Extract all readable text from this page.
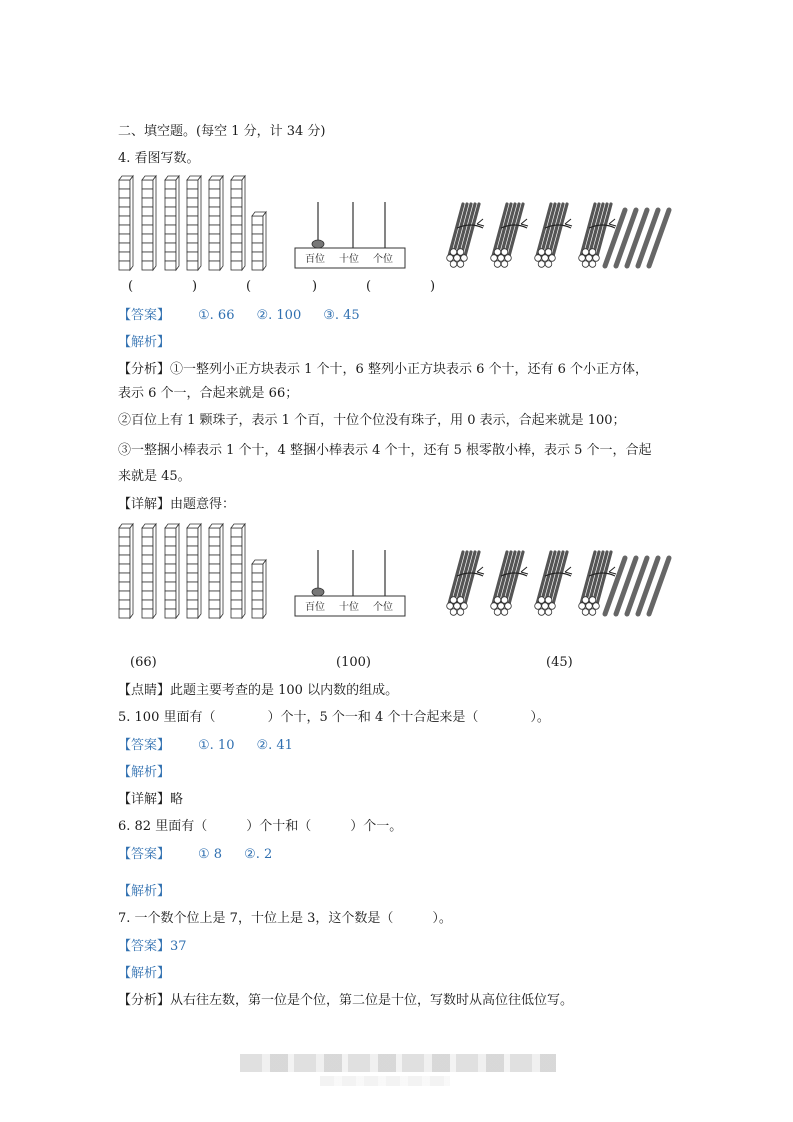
二、填空题。(每空 1 分，计 34 分)
4. 看图写数。
百位 十位 个位
(	)	(	)	(	)
【答案】 ①. 66 ②. 100 ③. 45
【解析】
【分析】①一整列小正方块表示 1 个十，6 整列小正方块表示 6 个十，还有 6 个小正方体，
表示 6 个一，合起来就是 66；
②百位上有 1 颗珠子，表示 1 个百，十位个位没有珠子，用 0 表示，合起来就是 100；
③一整捆小棒表示 1 个十，4 整捆小棒表示 4 个十，还有 5 根零散小棒，表示 5 个一，合起
来就是 45。
【详解】由题意得：
百位 十位 个位
(66)	(100)	(45)
【点睛】此题主要考查的是 100 以内数的组成。
5. 100 里面有（　　　　）个十，5 个一和 4 个十合起来是（　　　　）。
【答案】 ①. 10 ②. 41
【解析】
【详解】略
6. 82 里面有（　　　）个十和（　　　）个一。
【答案】 ① 8 ②. 2
【解析】
7. 一个数个位上是 7，十位上是 3，这个数是（　　　）。
【答案】37
【解析】
【分析】从右往左数，第一位是个位，第二位是十位，写数时从高位往低位写。
